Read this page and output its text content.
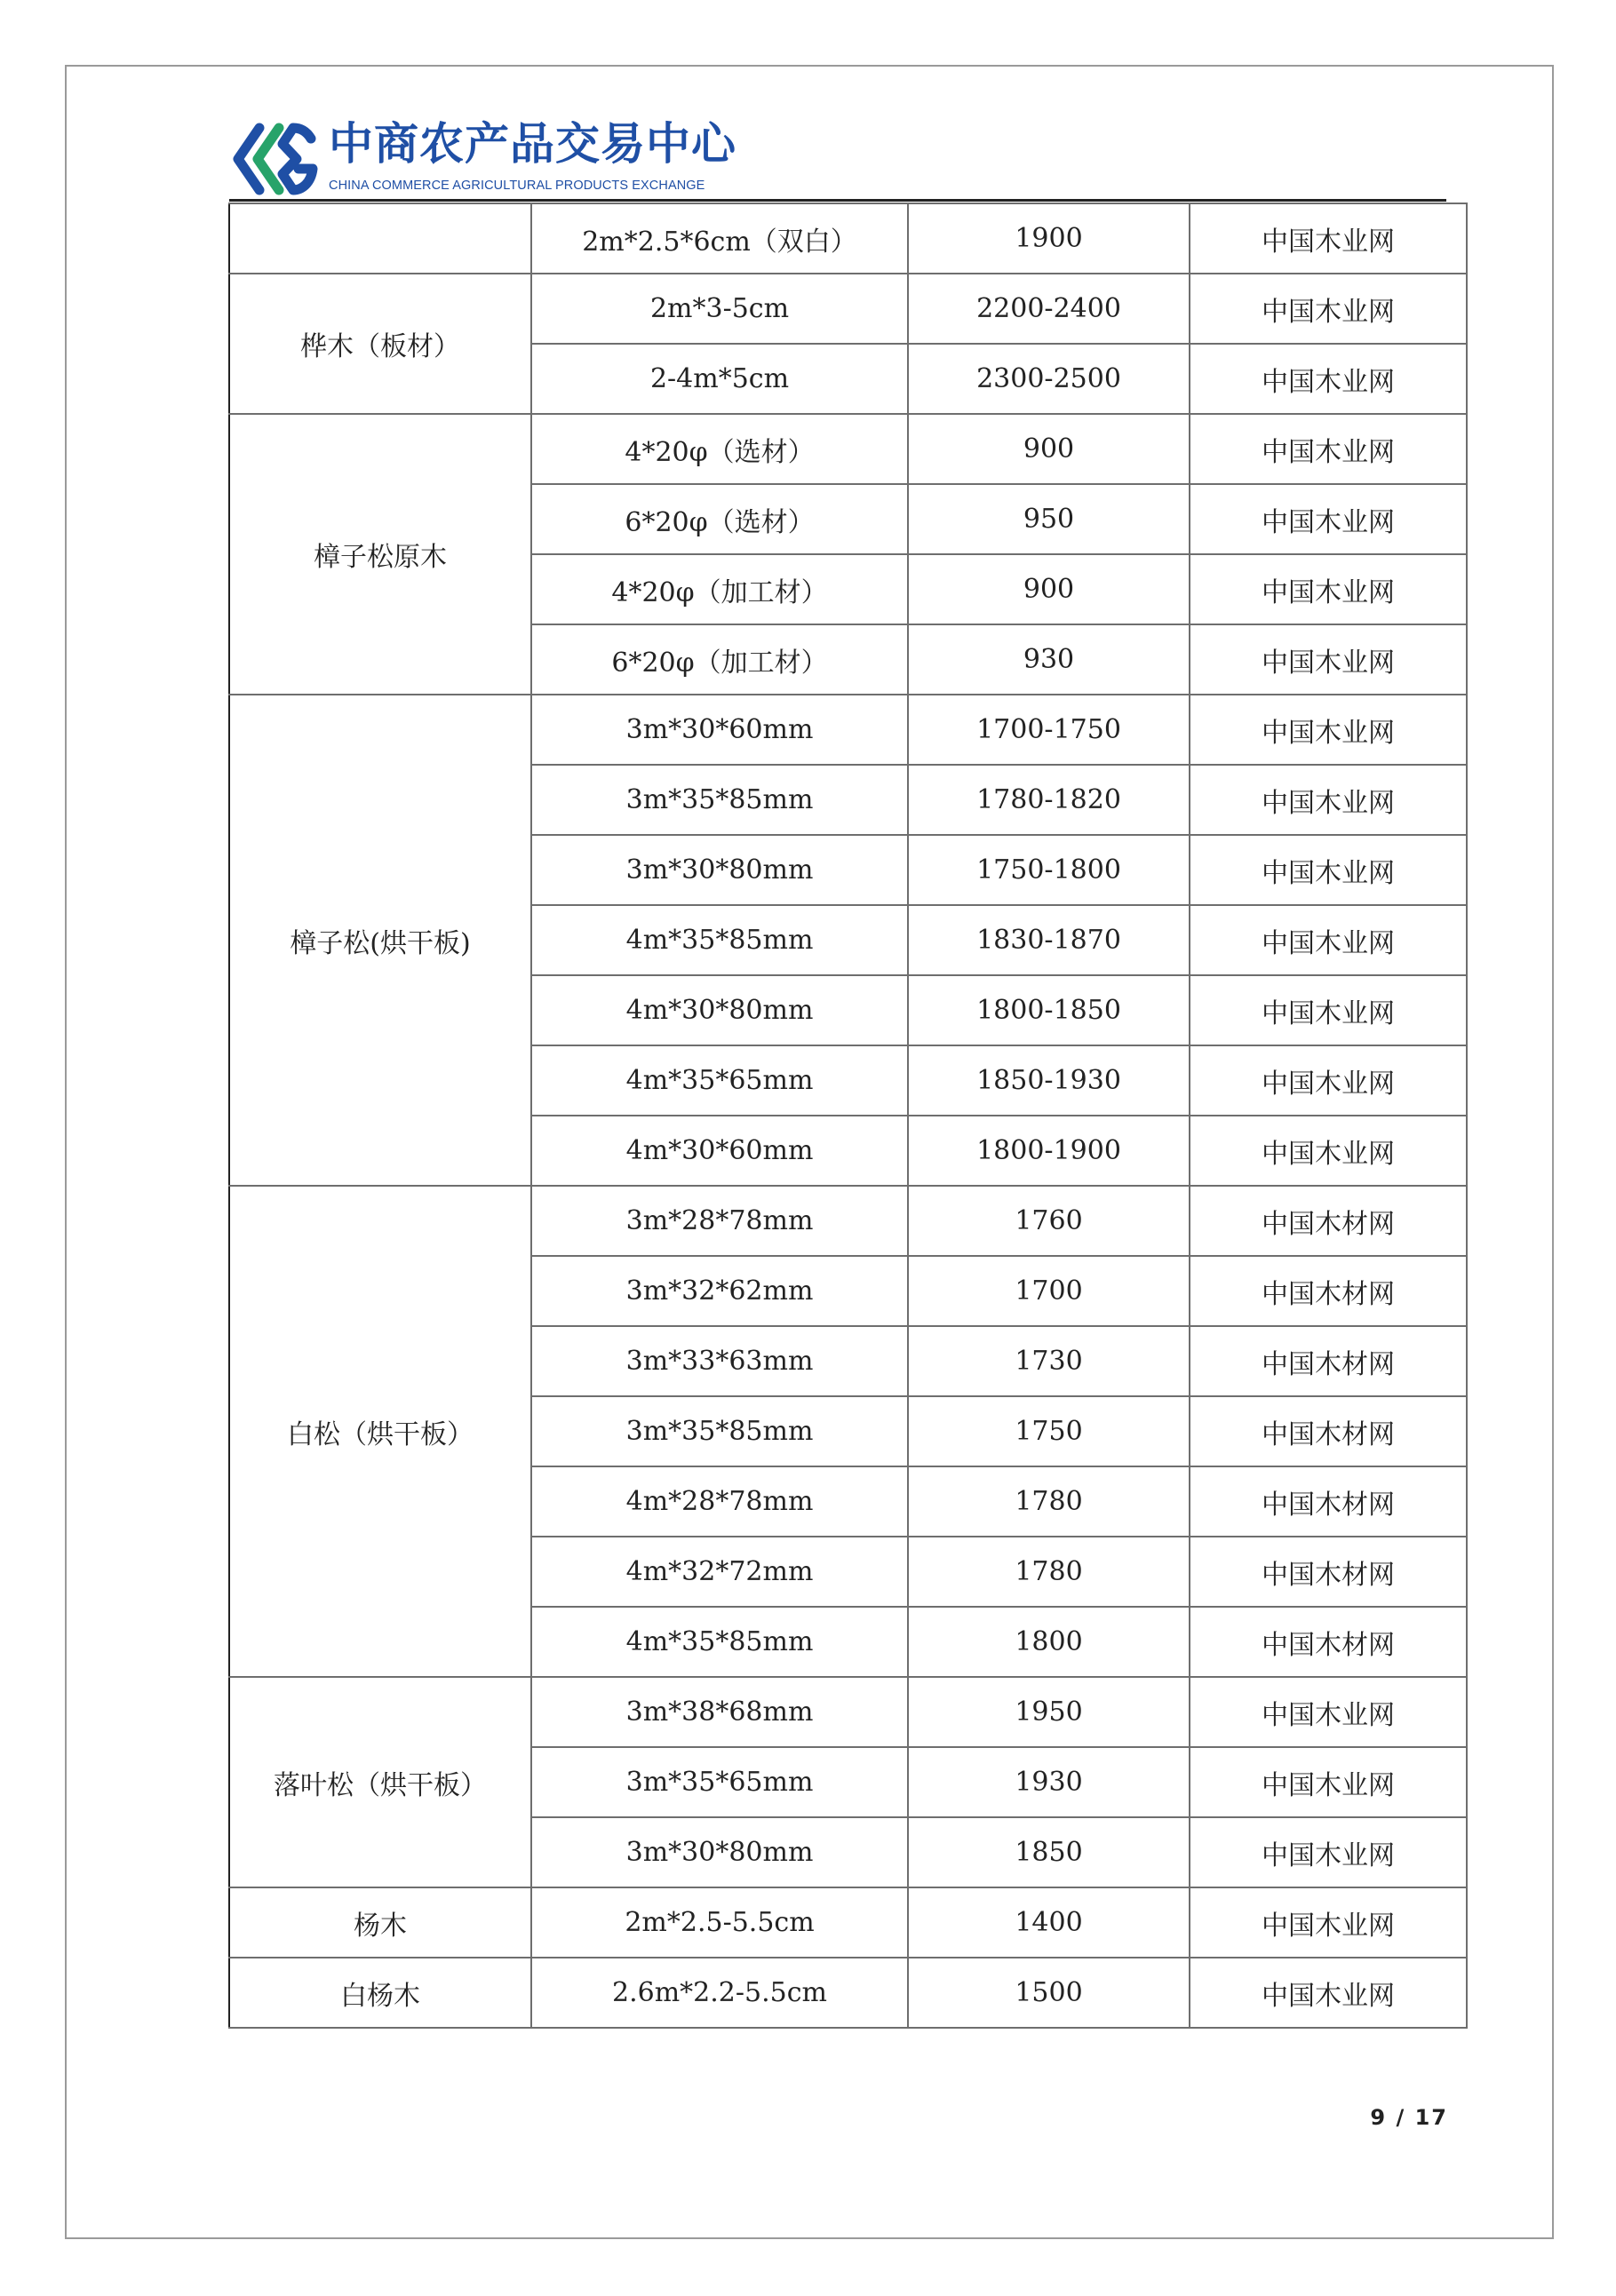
中商农产品交易中心
CHINA COMMERCE AGRICULTURAL PRODUCTS EXCHANGE
	2m*2.5*6cm（双白）	1900	中国木业网
桦木（板材）	2m*3-5cm	2200-2400	中国木业网
	2-4m*5cm	2300-2500	中国木业网
樟子松原木	4*20φ（选材）	900	中国木业网
	6*20φ（选材）	950	中国木业网
	4*20φ（加工材）	900	中国木业网
	6*20φ（加工材）	930	中国木业网
樟子松(烘干板)	3m*30*60mm	1700-1750	中国木业网
	3m*35*85mm	1780-1820	中国木业网
	3m*30*80mm	1750-1800	中国木业网
	4m*35*85mm	1830-1870	中国木业网
	4m*30*80mm	1800-1850	中国木业网
	4m*35*65mm	1850-1930	中国木业网
	4m*30*60mm	1800-1900	中国木业网
白松（烘干板）	3m*28*78mm	1760	中国木材网
	3m*32*62mm	1700	中国木材网
	3m*33*63mm	1730	中国木材网
	3m*35*85mm	1750	中国木材网
	4m*28*78mm	1780	中国木材网
	4m*32*72mm	1780	中国木材网
	4m*35*85mm	1800	中国木材网
落叶松（烘干板）	3m*38*68mm	1950	中国木业网
	3m*35*65mm	1930	中国木业网
	3m*30*80mm	1850	中国木业网
杨木	2m*2.5-5.5cm	1400	中国木业网
白杨木	2.6m*2.2-5.5cm	1500	中国木业网
9 / 17
